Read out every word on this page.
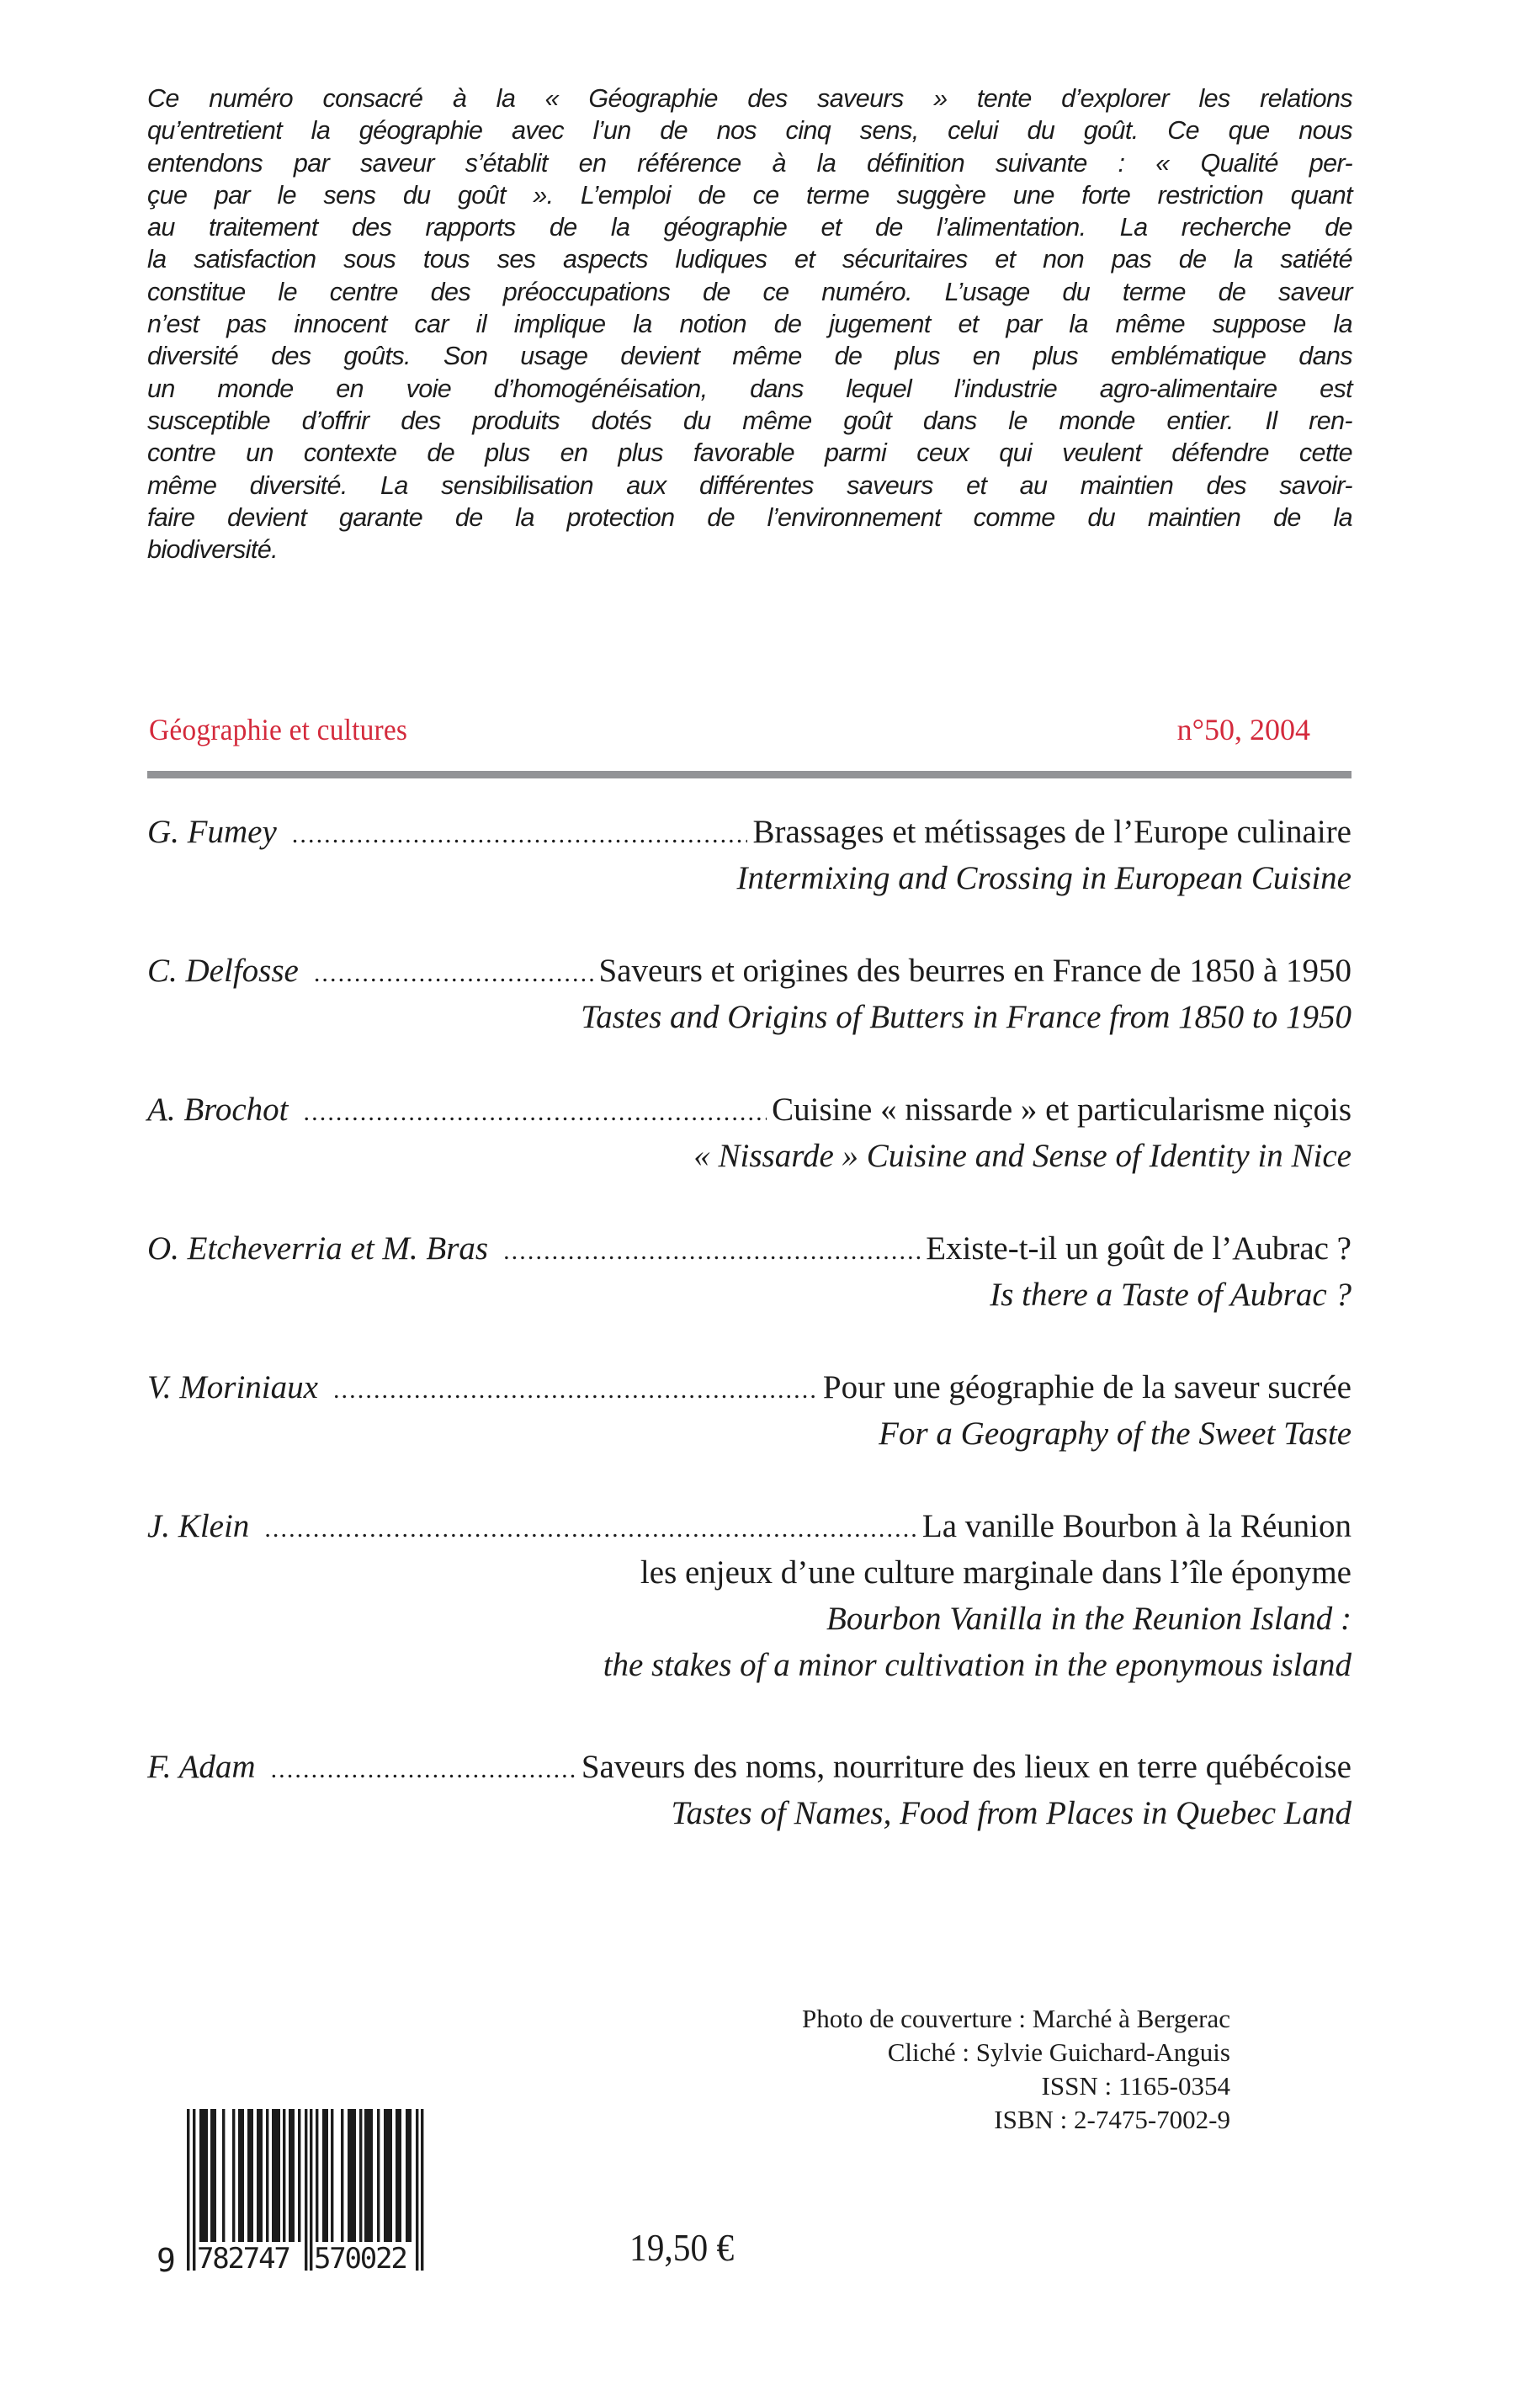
Ce numéro consacré à la « Géographie des saveurs » tente d’explorer les relations
qu’entretient la géographie avec l’un de nos cinq sens, celui du goût. Ce que nous
entendons par saveur s’établit en référence à la définition suivante : « Qualité per-
çue par le sens du goût ». L’emploi de ce terme suggère une forte restriction quant
au traitement des rapports de la géographie et de l’alimentation. La recherche de
la satisfaction sous tous ses aspects ludiques et sécuritaires et non pas de la satiété
constitue le centre des préoccupations de ce numéro. L’usage du terme de saveur
n’est pas innocent car il implique la notion de jugement et par la même suppose la
diversité des goûts. Son usage devient même de plus en plus emblématique dans
un monde en voie d’homogénéisation, dans lequel l’industrie agro-alimentaire est
susceptible d’offrir des produits dotés du même goût dans le monde entier. Il ren-
contre un contexte de plus en plus favorable parmi ceux qui veulent défendre cette
même diversité. La sensibilisation aux différentes saveurs et au maintien des savoir-
faire devient garante de la protection de l’environnement comme du maintien de la
biodiversité.
Géographie et cultures	n°50, 2004
G. Fumey .....	Brassages et métissages de l’Europe culinaire
Intermixing and Crossing in European Cuisine
C. Delfosse .....	Saveurs et origines des beurres en France de 1850 à 1950
Tastes and Origins of Butters in France from 1850 to 1950
A. Brochot .....	Cuisine « nissarde » et particularisme niçois
« Nissarde » Cuisine and Sense of Identity in Nice
O. Etcheverria et M. Bras .....	Existe-t-il un goût de l’Aubrac ?
Is there a Taste of Aubrac ?
V. Moriniaux .....	Pour une géographie de la saveur sucrée
For a Geography of the Sweet Taste
J. Klein .....	La vanille Bourbon à la Réunion
les enjeux d’une culture marginale dans l’île éponyme
Bourbon Vanilla in the Reunion Island :
the stakes of a minor cultivation in the eponymous island
F. Adam .....	Saveurs des noms, nourriture des lieux en terre québécoise
Tastes of Names, Food from Places in Quebec Land
Photo de couverture : Marché à Bergerac
Cliché : Sylvie Guichard-Anguis
ISSN : 1165-0354
ISBN : 2-7475-7002-9
9 782747 570022	19,50 €
